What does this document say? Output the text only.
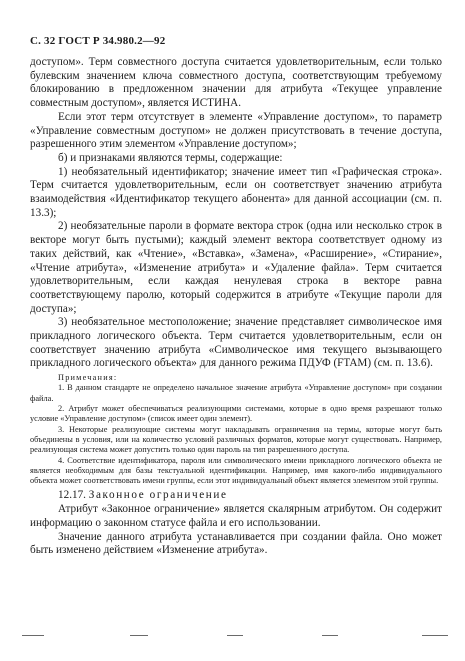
С. 32 ГОСТ Р 34.980.2—92

доступом». Терм совместного доступа считается удовлетворительным, если только булевским значением ключа совместного доступа, соответствующим требуемому блокированию в предложенном значении для атрибута «Текущее управление совместным доступом», является ИСТИНА.

Если этот терм отсутствует в элементе «Управление доступом», то параметр «Управление совместным доступом» не должен присутствовать в течение доступа, разрешенного этим элементом «Управление доступом»;

б) и признаками являются термы, содержащие:

1) необязательный идентификатор; значение имеет тип «Графическая строка». Терм считается удовлетворительным, если он соответствует значению атрибута взаимодействия «Идентификатор текущего абонента» для данной ассоциации (см. п. 13.3);

2) необязательные пароли в формате вектора строк (одна или несколько строк в векторе могут быть пустыми); каждый элемент вектора соответствует одному из таких действий, как «Чтение», «Вставка», «Замена», «Расширение», «Стирание», «Чтение атрибута», «Изменение атрибута» и «Удаление файла». Терм считается удовлетворительным, если каждая ненулевая строка в векторе равна соответствующему паролю, который содержится в атрибуте «Текущие пароли для доступа»;

3) необязательное местоположение; значение представляет символическое имя прикладного логического объекта. Терм считается удовлетворительным, если он соответствует значению атрибута «Символическое имя текущего вызывающего прикладного логического объекта» для данного режима ПДУФ (FTAM) (см. п. 13.6).

Примечания:

1. В данном стандарте не определено начальное значение атрибута «Управление доступом» при создании файла.

2. Атрибут может обеспечиваться реализующими системами, которые в одно время разрешают только условие «Управление доступом» (список имеет один элемент).

3. Некоторые реализующие системы могут накладывать ограничения на термы, которые могут быть объединены в условия, или на количество условий различных форматов, которые могут существовать. Например, реализующая система может допустить только один пароль на тип разрешенного доступа.

4. Соответствие идентификатора, пароля или символического имени прикладного логического объекта не является необходимым для базы текстуальной идентификации. Например, имя какого-либо индивидуального объекта может соответствовать имени группы, если этот индивидуальный объект является элементом этой группы.

12.17. Законное ограничение

Атрибут «Законное ограничение» является скалярным атрибутом. Он содержит информацию о законном статусе файла и его использовании.

Значение данного атрибута устанавливается при создании файла. Оно может быть изменено действием «Изменение атрибута».
